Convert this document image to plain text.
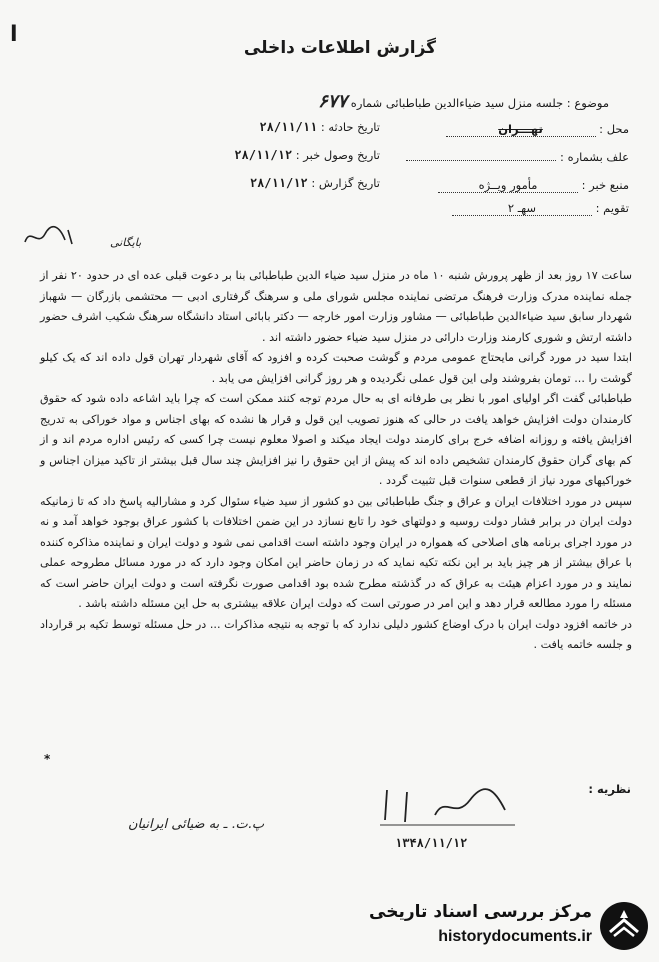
ا
گزارش اطلاعات داخلی
موضوع : جلسه منزل سید ضیاءالدین طباطبائی شماره ۶۷۷
محل : تهـــران
تاریخ حادثه : ۲۸/۱۱/۱۱
علف بشماره :
تاریخ وصول خبر : ۲۸/۱۱/۱۲
منبع خبر : مأمور ویــژه
تاریخ گزارش : ۲۸/۱۱/۱۲
تقویم : سهـ ۲
بایگانی

ساعت ۱۷ روز بعد از ظهر پرورش شنبه ۱۰ ماه در منزل سید ضیاء الدین طباطبائی بنا بر دعوت قبلی عده ای در حدود ۲۰ نفر از جمله نماینده مدرک وزارت فرهنگ مرتضی نماینده مجلس شورای ملی و سرهنگ گرفتاری ادبی — محتشمی بازرگان — شهباز شهردار سابق سید ضیاءالدین طباطبائی — مشاور وزارت امور خارجه — دکتر بابائی استاد دانشگاه سرهنگ شکیب اشرف حضور داشته ارتش و شوری کارمند وزارت دارائی در منزل سید ضیاء حضور داشته اند .

ابتدا سید در مورد گرانی مایحتاج عمومی مردم و گوشت صحبت کرده و افزود که آقای شهردار تهران قول داده اند که یک کیلو گوشت را ... تومان بفروشند ولی این قول عملی نگردیده و هر روز گرانی افزایش می یابد .

طباطبائی گفت اگر اولیای امور با نظر بی طرفانه ای به حال مردم توجه کنند ممکن است که چرا باید اشاعه داده شود که حقوق کارمندان دولت افزایش خواهد یافت در حالی که هنوز تصویب این قول و قرار ها نشده که بهای اجناس و مواد خوراکی به تدریج افزایش یافته و روزانه اضافه خرج برای کارمند دولت ایجاد میکند و اصولا معلوم نیست چرا کسی که رئیس اداره مردم اند و از کم بهای گران حقوق کارمندان تشخیص داده اند که پیش از این حقوق را نیز افزایش چند سال قبل بیشتر از تاکید میزان اجناس و خوراکیهای مورد نیاز از قطعی سنوات قبل تثبیت گردد .

سپس در مورد اختلافات ایران و عراق و جنگ طباطبائی بین دو کشور از سید ضیاء سئوال کرد و مشارالیه پاسخ داد که تا زمانیکه دولت ایران در برابر فشار دولت روسیه و دولتهای خود را تابع نسازد در این ضمن اختلافات با کشور عراق بوجود خواهد آمد و نه در مورد اجرای برنامه های اصلاحی که همواره در ایران وجود داشته است اقدامی نمی شود و دولت ایران و نماینده مذاکره کننده با عراق بیشتر از هر چیز باید بر این نکته تکیه نماید که در زمان حاضر این امکان وجود دارد که در مورد مسائل مطروحه عملی نمایند و در مورد اعزام هیئت به عراق که در گذشته مطرح شده بود اقدامی صورت نگرفته است و دولت ایران حاضر است که مسئله را مورد مطالعه قرار دهد و این امر در صورتی است که دولت ایران علاقه بیشتری به حل این مسئله داشته باشد .

در خاتمه افزود دولت ایران با درک اوضاع کشور دلیلی ندارد که با توجه به نتیجه مذاکرات ... در حل مسئله توسط تکیه بر قرارداد و جلسه خاتمه یافت .

*
نظریه :
۱۳۴۸/۱۱/۱۲
پ.ت. ـ به ضیائی ایرانیان
مرکز بررسی اسناد تاریخی
historydocuments.ir
